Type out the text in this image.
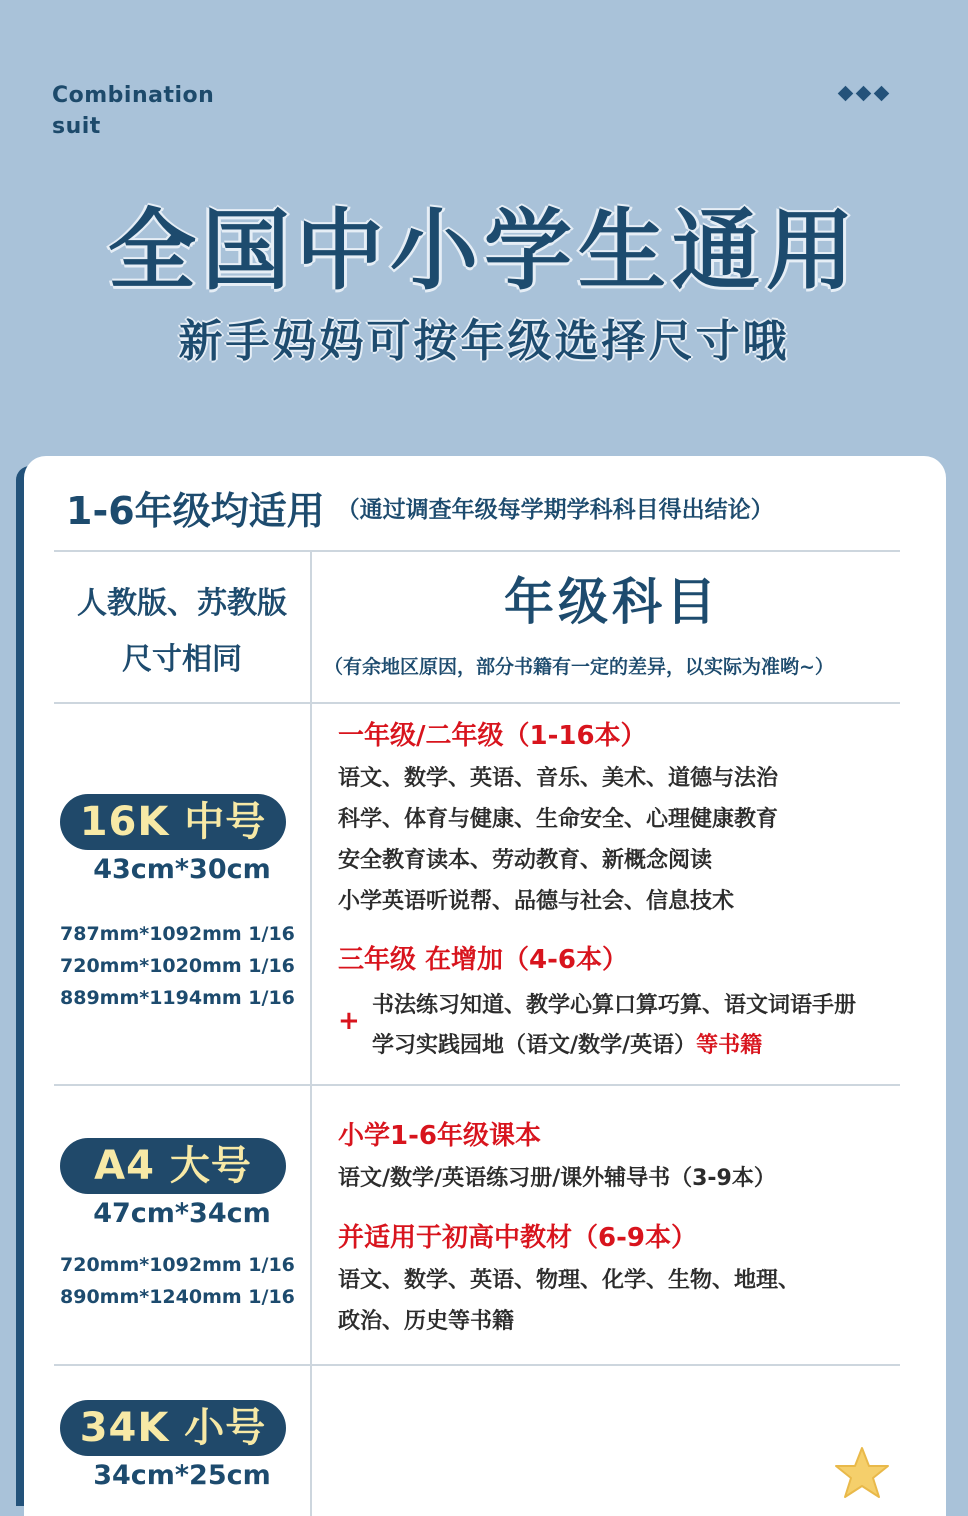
Combination
suit
全国中小学生通用
新手妈妈可按年级选择尺寸哦
1-6年级均适用 （通过调查年级每学期学科科目得出结论）
人教版、苏教版
尺寸相同
年级科目
（有余地区原因，部分书籍有一定的差异，以实际为准哟~）
16K 中号
43cm*30cm
787mm*1092mm 1/16
720mm*1020mm 1/16
889mm*1194mm 1/16
一年级/二年级（1-16本）
语文、数学、英语、音乐、美术、道德与法治
科学、体育与健康、生命安全、心理健康教育
安全教育读本、劳动教育、新概念阅读
小学英语听说帮、品德与社会、信息技术
三年级 在增加（4-6本）
+
书法练习知道、教学心算口算巧算、语文词语手册
学习实践园地（语文/数学/英语）等书籍
A4 大号
47cm*34cm
720mm*1092mm 1/16
890mm*1240mm 1/16
小学1-6年级课本
语文/数学/英语练习册/课外辅导书（3-9本）
并适用于初高中教材（6-9本）
语文、数学、英语、物理、化学、生物、地理、
政治、历史等书籍
34K 小号
34cm*25cm
